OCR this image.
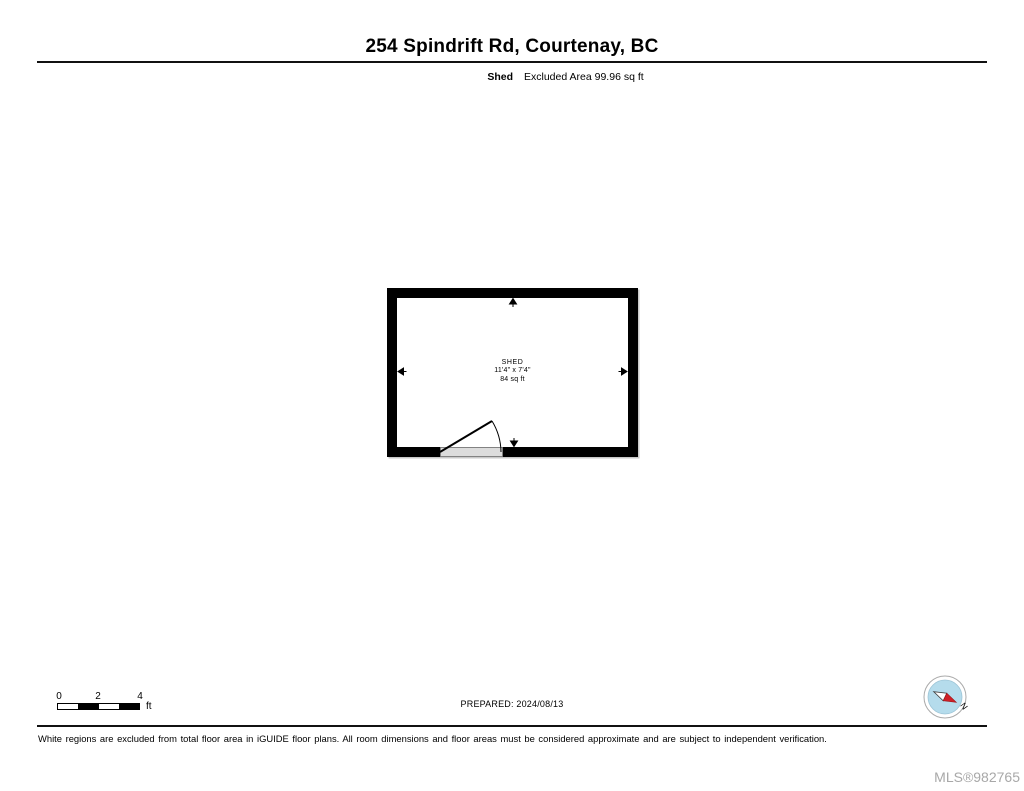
254 Spindrift Rd, Courtenay, BC
Shed Excluded Area 99.96 sq ft
SHED
11'4" x 7'4"
84 sq ft
0	2	4
ft	PREPARED: 2024/08/13	N
White regions are excluded from total floor area in iGUIDE floor plans. All room dimensions and floor areas must be considered approximate and are subject to independent verification.
MLS®982765
